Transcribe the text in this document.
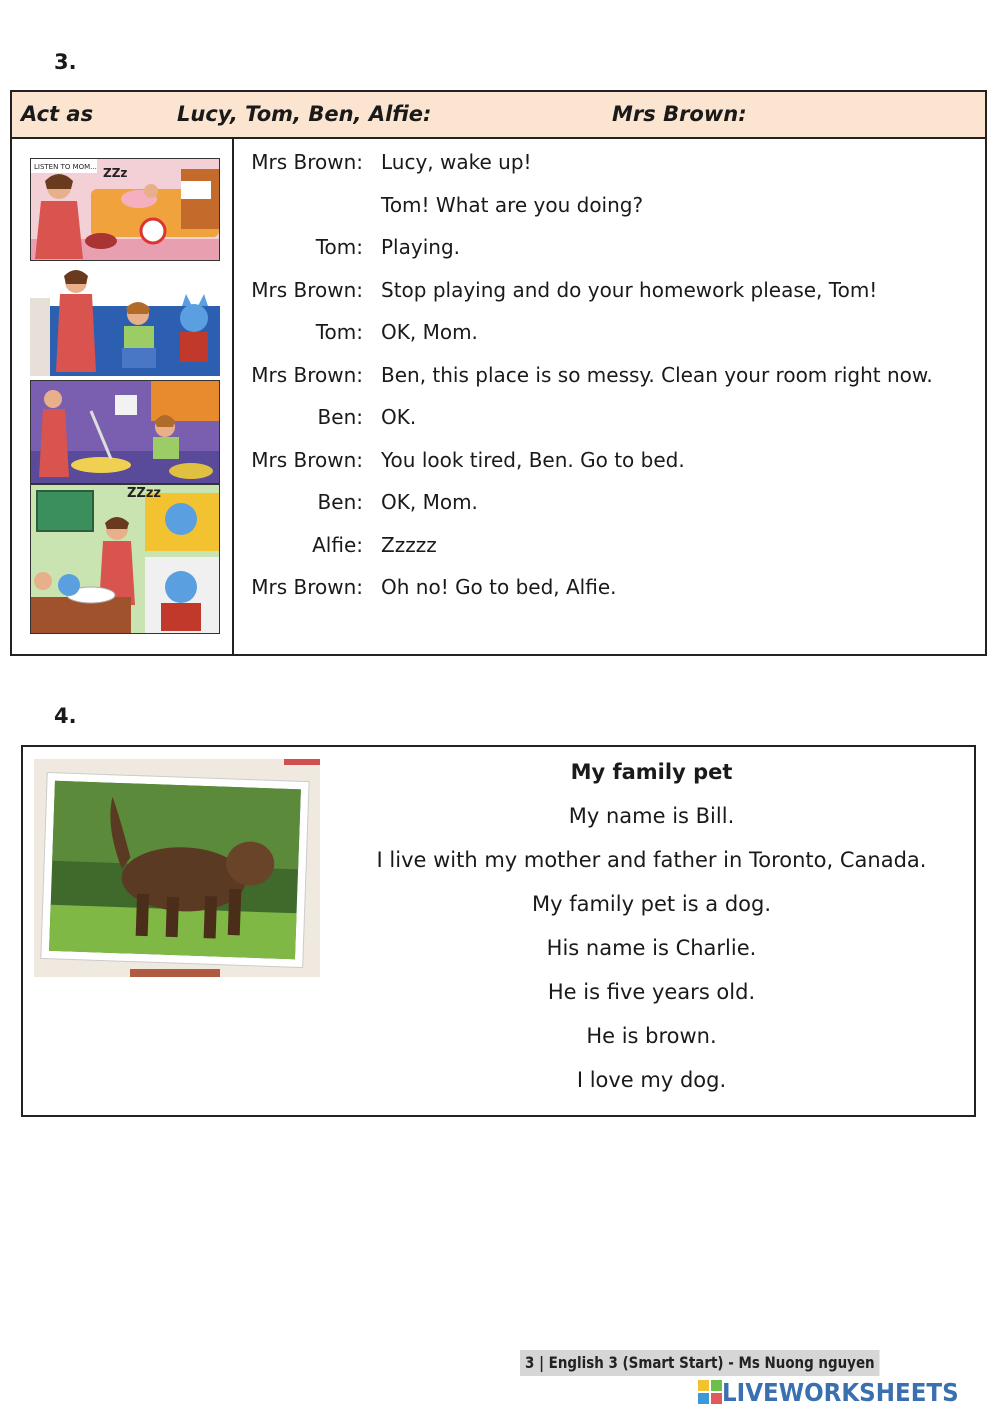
3.
Act as	Lucy, Tom, Ben, Alfie:	Mrs Brown:
LISTEN TO MOM... ZZz
ZZzz
Mrs Brown: Lucy, wake up!
Tom! What are you doing?
Tom: Playing.
Mrs Brown: Stop playing and do your homework please, Tom!
Tom: OK, Mom.
Mrs Brown: Ben, this place is so messy. Clean your room right now.
Ben: OK.
Mrs Brown: You look tired, Ben. Go to bed.
Ben: OK, Mom.
Alfie: Zzzzz
Mrs Brown: Oh no! Go to bed, Alfie.
4.
My family pet
My name is Bill.
I live with my mother and father in Toronto, Canada.
My family pet is a dog.
His name is Charlie.
He is five years old.
He is brown.
I love my dog.
3 | English 3 (Smart Start) - Ms Nuong nguyen
LIVEWORKSHEETS
